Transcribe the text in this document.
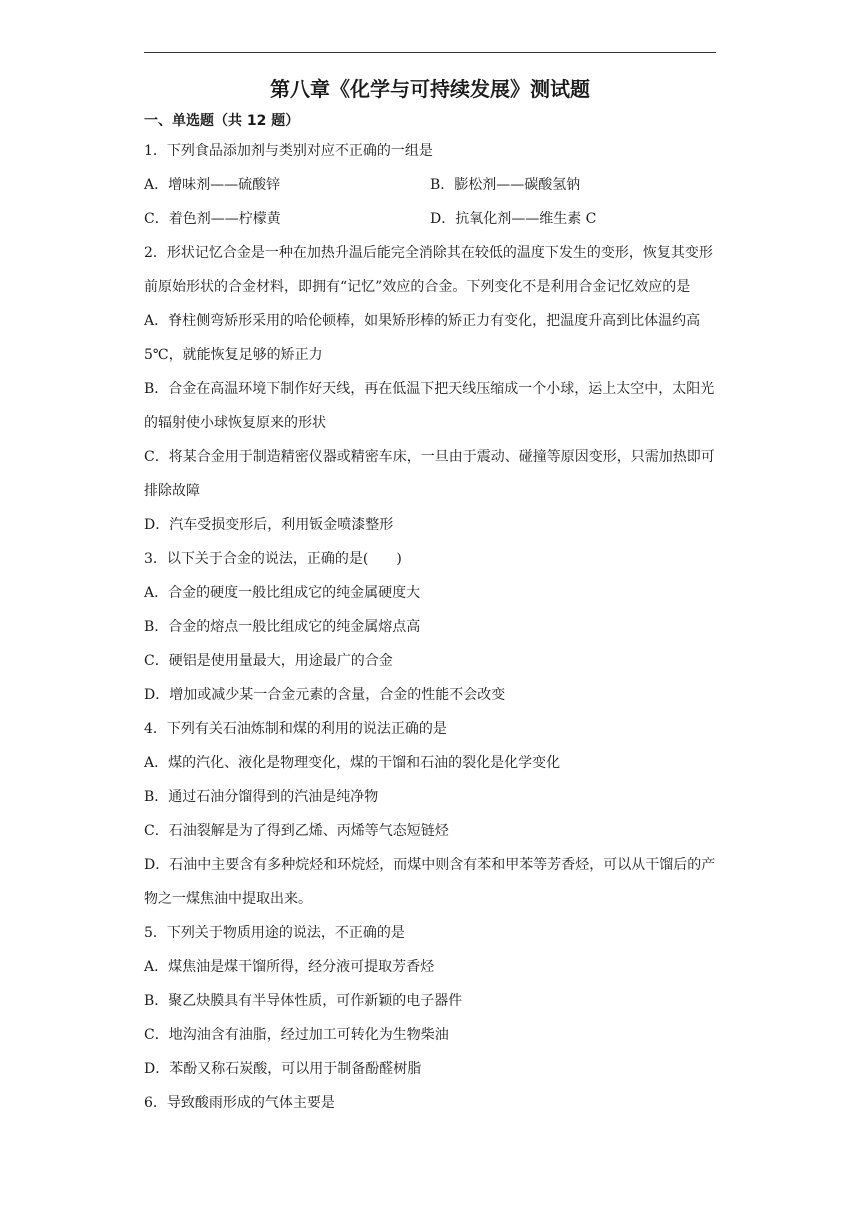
第八章《化学与可持续发展》测试题

一、单选题（共 12 题）

1．下列食品添加剂与类别对应不正确的一组是

A．增味剂——硫酸锌	B．膨松剂——碳酸氢钠
C．着色剂——柠檬黄	D．抗氧化剂——维生素 C

2．形状记忆合金是一种在加热升温后能完全消除其在较低的温度下发生的变形，恢复其变形前原始形状的合金材料，即拥有“记忆”效应的合金。下列变化不是利用合金记忆效应的是

A．脊柱侧弯矫形采用的哈伦顿棒，如果矫形棒的矫正力有变化，把温度升高到比体温约高5℃，就能恢复足够的矫正力

B．合金在高温环境下制作好天线，再在低温下把天线压缩成一个小球，运上太空中，太阳光的辐射使小球恢复原来的形状

C．将某合金用于制造精密仪器或精密车床，一旦由于震动、碰撞等原因变形，只需加热即可排除故障

D．汽车受损变形后，利用钣金喷漆整形

3．以下关于合金的说法，正确的是(　　)

A．合金的硬度一般比组成它的纯金属硬度大

B．合金的熔点一般比组成它的纯金属熔点高

C．硬铝是使用量最大，用途最广的合金

D．增加或减少某一合金元素的含量，合金的性能不会改变

4．下列有关石油炼制和煤的利用的说法正确的是

A．煤的汽化、液化是物理变化，煤的干馏和石油的裂化是化学变化

B．通过石油分馏得到的汽油是纯净物

C．石油裂解是为了得到乙烯、丙烯等气态短链烃

D．石油中主要含有多种烷烃和环烷烃，而煤中则含有苯和甲苯等芳香烃，可以从干馏后的产物之一煤焦油中提取出来。

5．下列关于物质用途的说法，不正确的是

A．煤焦油是煤干馏所得，经分液可提取芳香烃

B．聚乙炔膜具有半导体性质，可作新颖的电子器件

C．地沟油含有油脂，经过加工可转化为生物柴油

D．苯酚又称石炭酸，可以用于制备酚醛树脂

6．导致酸雨形成的气体主要是
